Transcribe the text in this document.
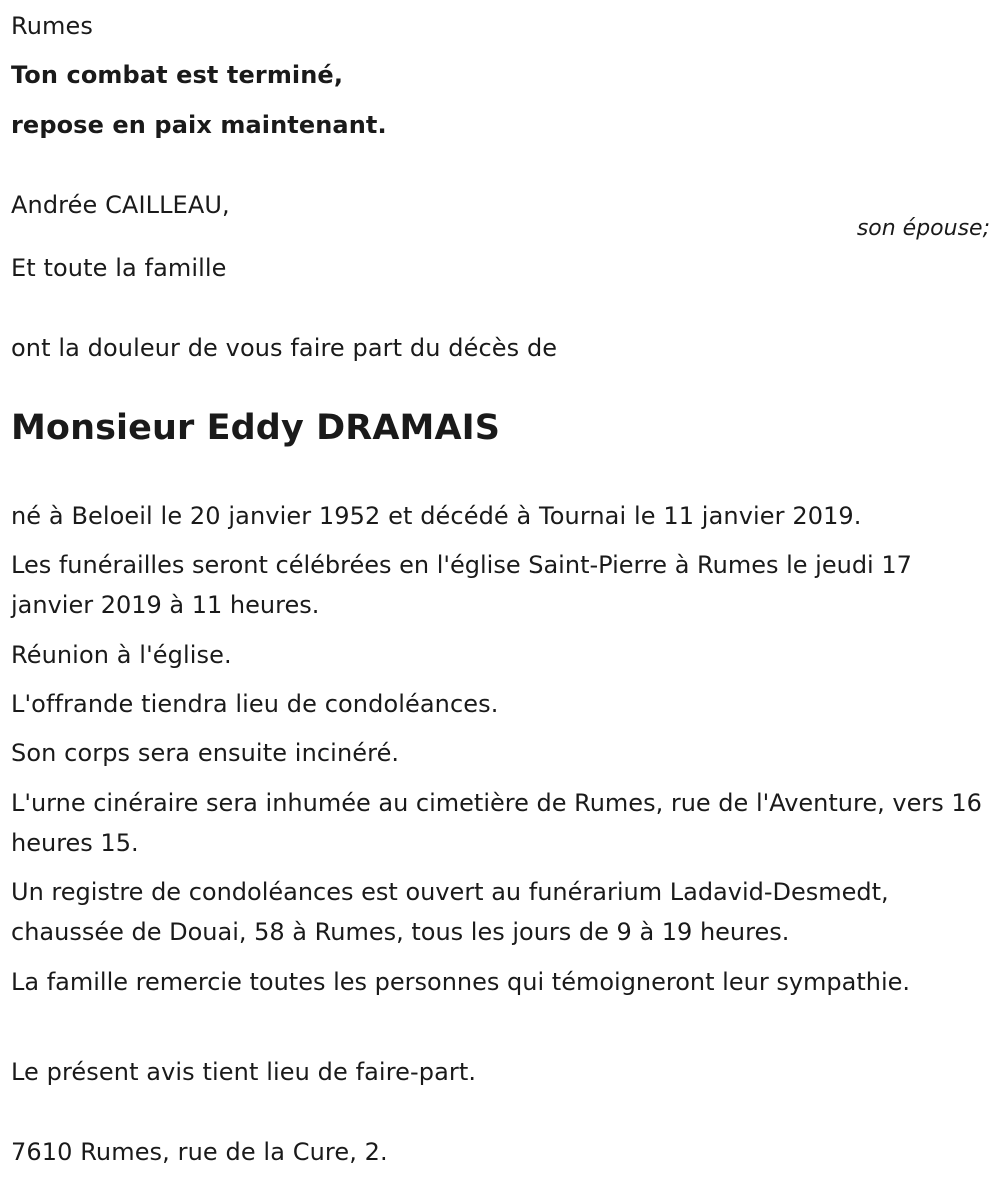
Rumes
Ton combat est terminé,
repose en paix maintenant.
Andrée CAILLEAU,
son épouse;
Et toute la famille
ont la douleur de vous faire part du décès de
Monsieur Eddy DRAMAIS
né à Beloeil le 20 janvier 1952 et décédé à Tournai le 11 janvier 2019.
Les funérailles seront célébrées en l'église Saint-Pierre à Rumes le jeudi 17 janvier 2019 à 11 heures.
Réunion à l'église.
L'offrande tiendra lieu de condoléances.
Son corps sera ensuite incinéré.
L'urne cinéraire sera inhumée au cimetière de Rumes, rue de l'Aventure, vers 16 heures 15.
Un registre de condoléances est ouvert au funérarium Ladavid-Desmedt, chaussée de Douai, 58 à Rumes, tous les jours de 9 à 19 heures.
La famille remercie toutes les personnes qui témoigneront leur sympathie.
Le présent avis tient lieu de faire-part.
7610 Rumes, rue de la Cure, 2.
